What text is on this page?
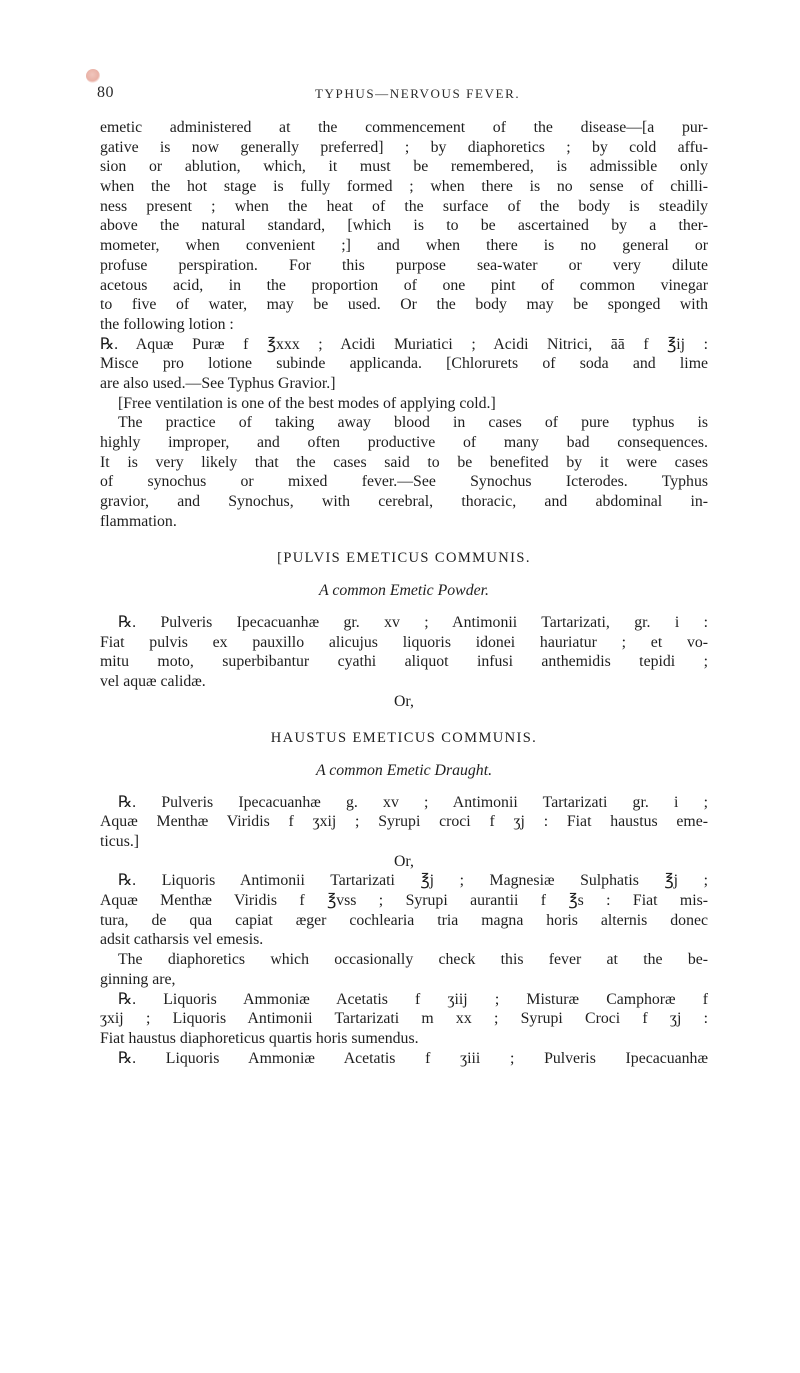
80	TYPHUS—NERVOUS FEVER.
emetic administered at the commencement of the disease—[a pur-
gative is now generally preferred] ; by diaphoretics ; by cold affu-
sion or ablution, which, it must be remembered, is admissible only
when the hot stage is fully formed ; when there is no sense of chilli-
ness present ; when the heat of the surface of the body is steadily
above the natural standard, [which is to be ascertained by a ther-
mometer, when convenient ;] and when there is no general or
profuse perspiration. For this purpose sea-water or very dilute
acetous acid, in the proportion of one pint of common vinegar
to five of water, may be used. Or the body may be sponged with
the following lotion :
℞. Aquæ Puræ f ℥xxx ; Acidi Muriatici ; Acidi Nitrici, āā f ℥ij :
Misce pro lotione subinde applicanda. [Chlorurets of soda and lime
are also used.—See Typhus Gravior.]
[Free ventilation is one of the best modes of applying cold.]
The practice of taking away blood in cases of pure typhus is
highly improper, and often productive of many bad consequences.
It is very likely that the cases said to be benefited by it were cases
of synochus or mixed fever.—See Synochus Icterodes. Typhus
gravior, and Synochus, with cerebral, thoracic, and abdominal in-
flammation.
[PULVIS EMETICUS COMMUNIS.
A common Emetic Powder.
℞. Pulveris Ipecacuanhæ gr. xv ; Antimonii Tartarizati, gr. i :
Fiat pulvis ex pauxillo alicujus liquoris idonei hauriatur ; et vo-
mitu moto, superbibantur cyathi aliquot infusi anthemidis tepidi ;
vel aquæ calidæ.
Or,
HAUSTUS EMETICUS COMMUNIS.
A common Emetic Draught.
℞. Pulveris Ipecacuanhæ g. xv ; Antimonii Tartarizati gr. i ;
Aquæ Menthæ Viridis f ʒxij ; Syrupi croci f ʒj : Fiat haustus eme-
ticus.]
Or,
℞. Liquoris Antimonii Tartarizati ℥j ; Magnesiæ Sulphatis ℥j ;
Aquæ Menthæ Viridis f ℥vss ; Syrupi aurantii f ℥s : Fiat mis-
tura, de qua capiat æger cochlearia tria magna horis alternis donec
adsit catharsis vel emesis.
The diaphoretics which occasionally check this fever at the be-
ginning are,
℞. Liquoris Ammoniæ Acetatis f ʒiij ; Misturæ Camphoræ f
ʒxij ; Liquoris Antimonii Tartarizati m xx ; Syrupi Croci f ʒj :
Fiat haustus diaphoreticus quartis horis sumendus.
℞. Liquoris Ammoniæ Acetatis f ʒiii ; Pulveris Ipecacuanhæ
